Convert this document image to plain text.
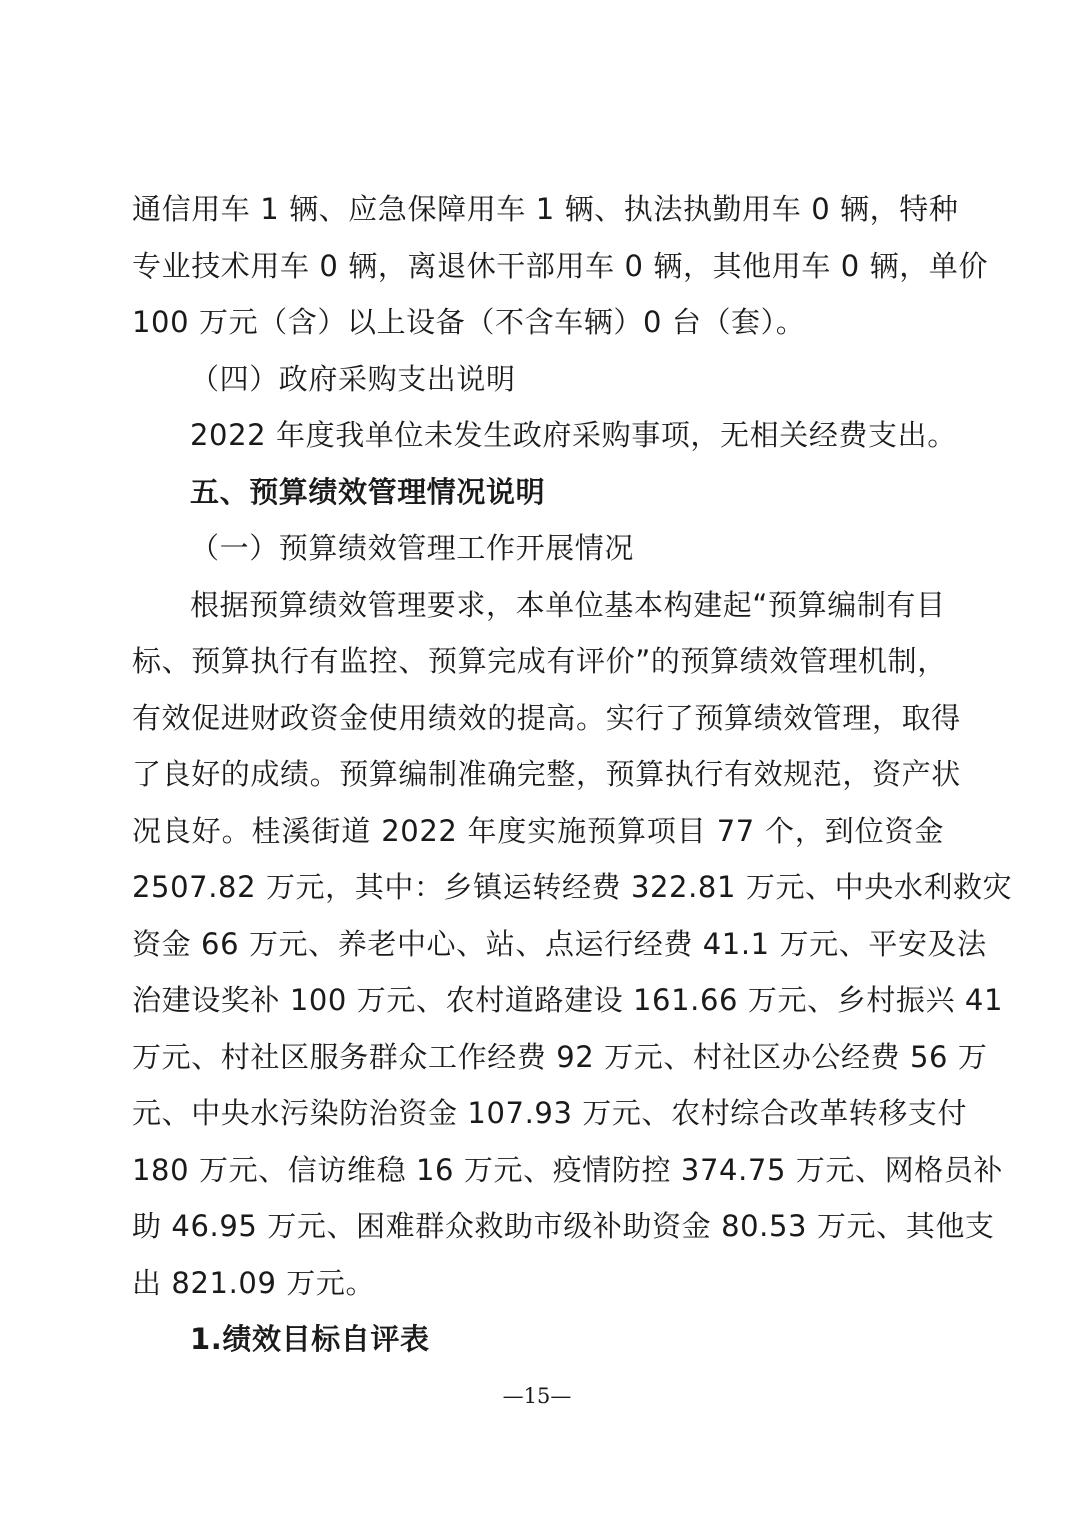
通信用车 1 辆、应急保障用车 1 辆、执法执勤用车 0 辆，特种
专业技术用车 0 辆，离退休干部用车 0 辆，其他用车 0 辆，单价
100 万元（含）以上设备（不含车辆）0 台（套）。
（四）政府采购支出说明
2022 年度我单位未发生政府采购事项，无相关经费支出。
五、预算绩效管理情况说明
（一）预算绩效管理工作开展情况
根据预算绩效管理要求，本单位基本构建起“预算编制有目
标、预算执行有监控、预算完成有评价”的预算绩效管理机制，
有效促进财政资金使用绩效的提高。实行了预算绩效管理，取得
了良好的成绩。预算编制准确完整，预算执行有效规范，资产状
况良好。桂溪街道 2022 年度实施预算项目 77 个，到位资金
2507.82 万元，其中：乡镇运转经费 322.81 万元、中央水利救灾
资金 66 万元、养老中心、站、点运行经费 41.1 万元、平安及法
治建设奖补 100 万元、农村道路建设 161.66 万元、乡村振兴 41
万元、村社区服务群众工作经费 92 万元、村社区办公经费 56 万
元、中央水污染防治资金 107.93 万元、农村综合改革转移支付
180 万元、信访维稳 16 万元、疫情防控 374.75 万元、网格员补
助 46.95 万元、困难群众救助市级补助资金 80.53 万元、其他支
出 821.09 万元。
1.绩效目标自评表
—15—
